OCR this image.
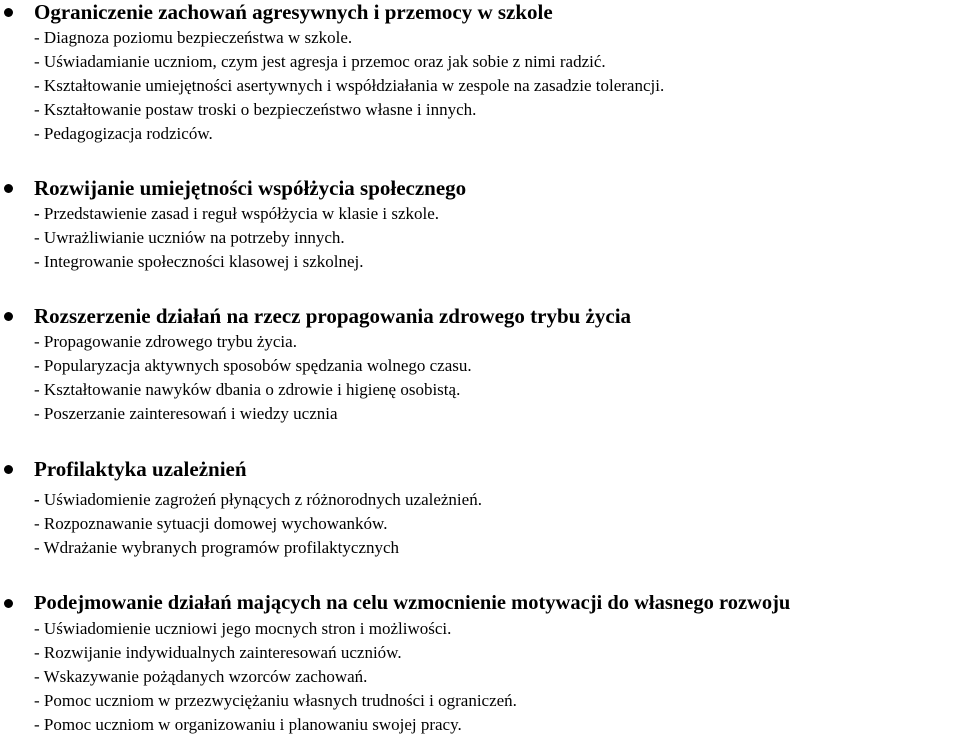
Ograniczenie zachowań agresywnych i przemocy w szkole
- Diagnoza poziomu bezpieczeństwa w szkole.
- Uświadamianie uczniom, czym jest agresja i przemoc oraz jak sobie z nimi radzić.
- Kształtowanie umiejętności asertywnych i współdziałania w zespole na zasadzie tolerancji.
- Kształtowanie postaw troski o bezpieczeństwo własne i innych.
- Pedagogizacja rodziców.
Rozwijanie umiejętności współżycia społecznego
- Przedstawienie zasad i reguł współżycia w klasie i szkole.
- Uwrażliwianie uczniów na potrzeby innych.
- Integrowanie społeczności klasowej i szkolnej.
Rozszerzenie działań na rzecz propagowania zdrowego trybu życia
- Propagowanie zdrowego trybu życia.
- Popularyzacja aktywnych sposobów spędzania wolnego czasu.
- Kształtowanie nawyków dbania o zdrowie i higienę osobistą.
- Poszerzanie zainteresowań i wiedzy ucznia
Profilaktyka uzależnień
- Uświadomienie zagrożeń płynących z różnorodnych uzależnień.
- Rozpoznawanie sytuacji domowej wychowanków.
- Wdrażanie wybranych programów profilaktycznych
Podejmowanie działań mających na celu wzmocnienie motywacji do własnego rozwoju
- Uświadomienie uczniowi jego mocnych stron i możliwości.
- Rozwijanie indywidualnych zainteresowań uczniów.
- Wskazywanie pożądanych wzorców zachowań.
- Pomoc uczniom w przezwyciężaniu własnych trudności i ograniczeń.
- Pomoc uczniom w organizowaniu i planowaniu swojej pracy.
